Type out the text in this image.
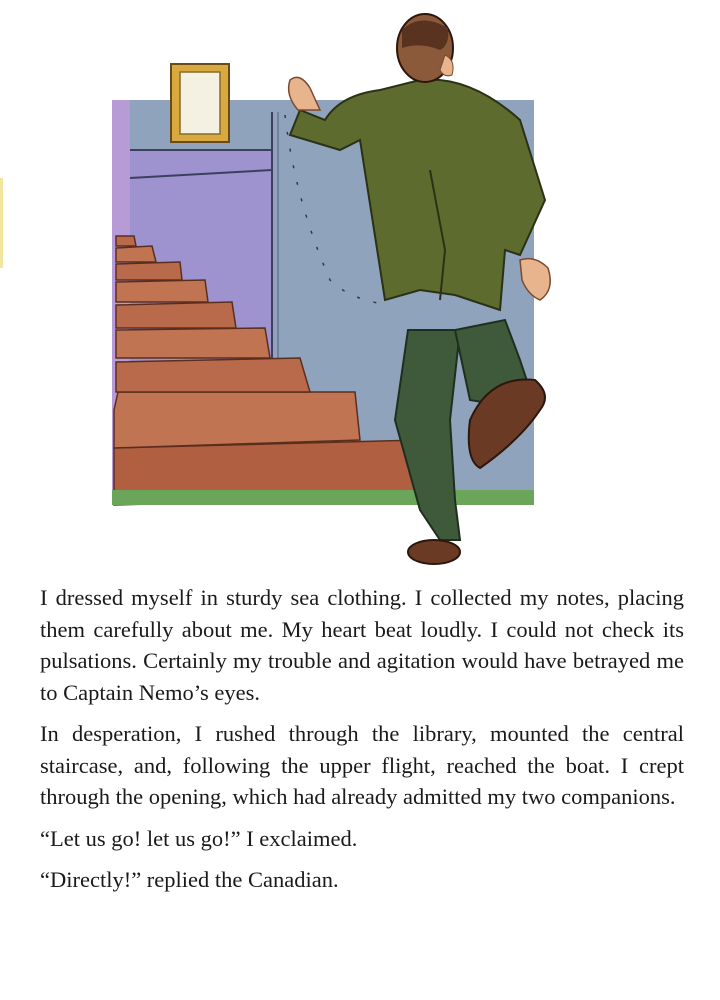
I dressed myself in sturdy sea clothing. I collected my notes, placing them carefully about me. My heart beat loudly. I could not check its pulsations. Certainly my trouble and agitation would have betrayed me to Captain Nemo’s eyes.

In desperation, I rushed through the library, mounted the central staircase, and, following the upper flight, reached the boat. I crept through the opening, which had already admitted my two companions.

“Let us go! let us go!” I exclaimed.

“Directly!” replied the Canadian.
